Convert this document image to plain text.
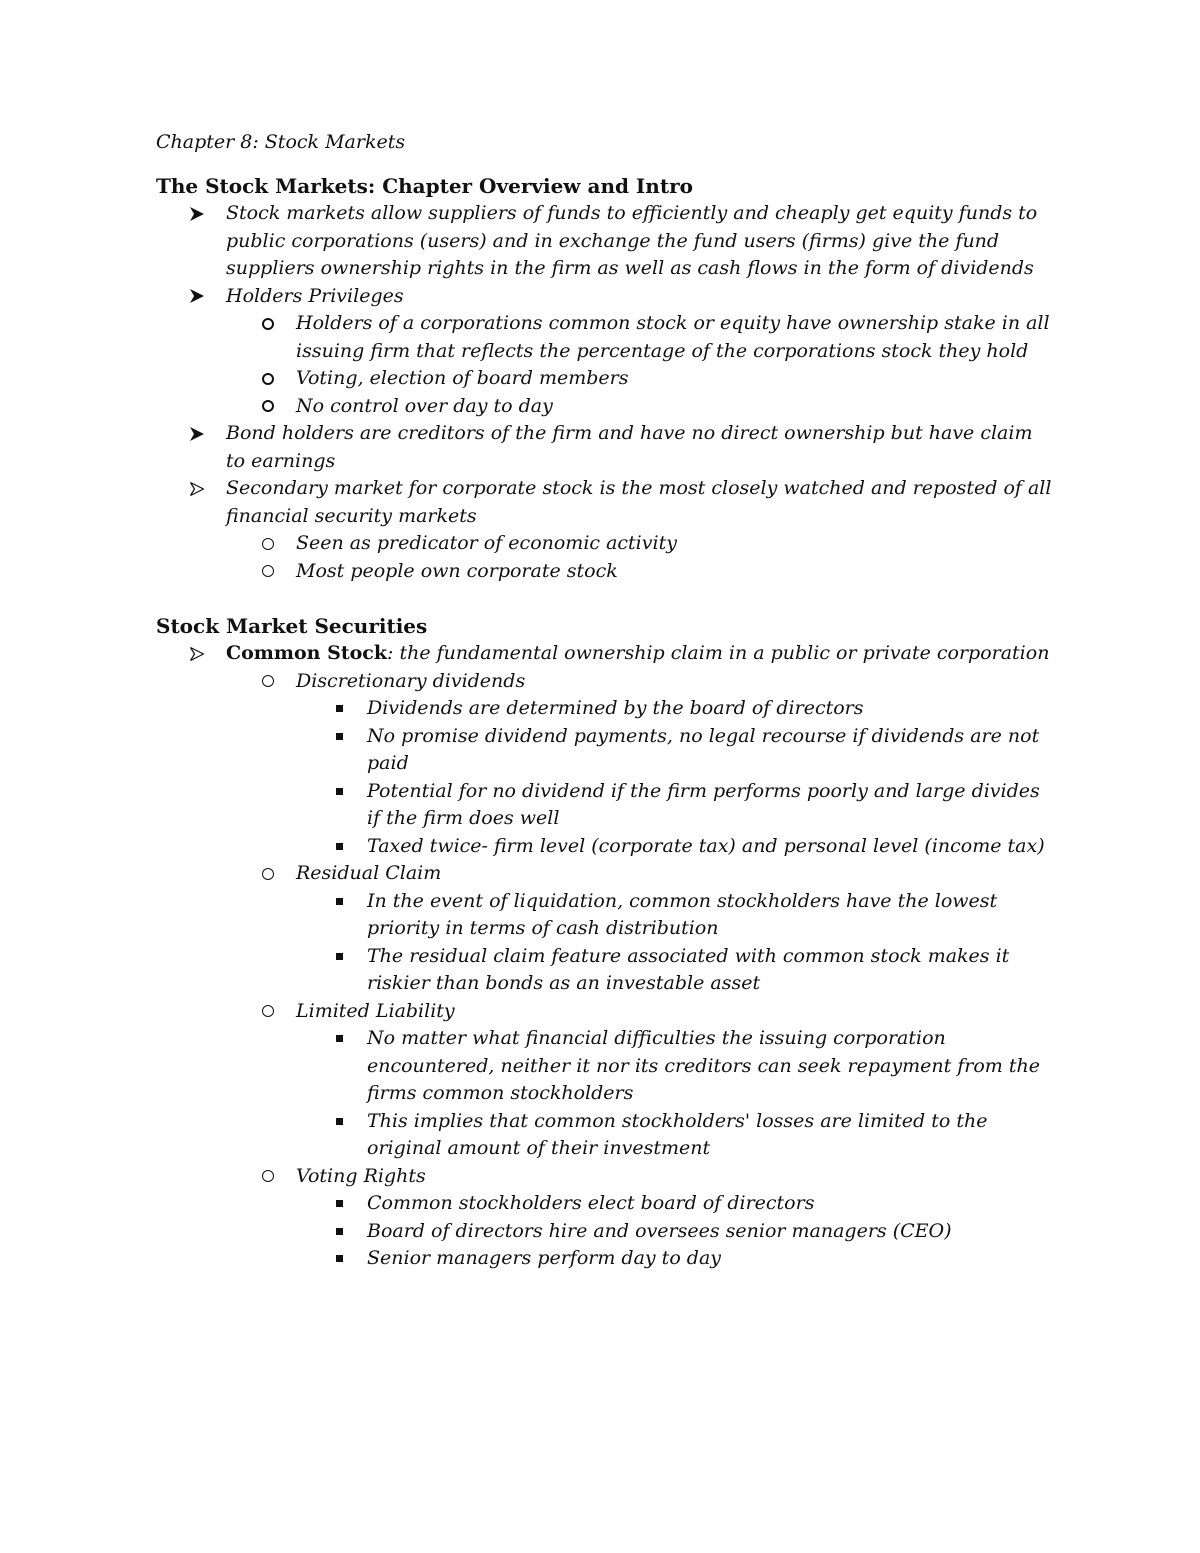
Chapter 8: Stock Markets
The Stock Markets: Chapter Overview and Intro
Stock markets allow suppliers of funds to efficiently and cheaply get equity funds to public corporations (users) and in exchange the fund users (firms) give the fund suppliers ownership rights in the firm as well as cash flows in the form of dividends
Holders Privileges
Holders of a corporations common stock or equity have ownership stake in all issuing firm that reflects the percentage of the corporations stock they hold
Voting, election of board members
No control over day to day
Bond holders are creditors of the firm and have no direct ownership but have claim to earnings
Secondary market for corporate stock is the most closely watched and reposted of all financial security markets
Seen as predicator of economic activity
Most people own corporate stock
Stock Market Securities
Common Stock: the fundamental ownership claim in a public or private corporation
Discretionary dividends
Dividends are determined by the board of directors
No promise dividend payments, no legal recourse if dividends are not paid
Potential for no dividend if the firm performs poorly and large divides if the firm does well
Taxed twice- firm level (corporate tax) and personal level (income tax)
Residual Claim
In the event of liquidation, common stockholders have the lowest priority in terms of cash distribution
The residual claim feature associated with common stock makes it riskier than bonds as an investable asset
Limited Liability
No matter what financial difficulties the issuing corporation encountered, neither it nor its creditors can seek repayment from the firms common stockholders
This implies that common stockholders' losses are limited to the original amount of their investment
Voting Rights
Common stockholders elect board of directors
Board of directors hire and oversees senior managers (CEO)
Senior managers perform day to day
